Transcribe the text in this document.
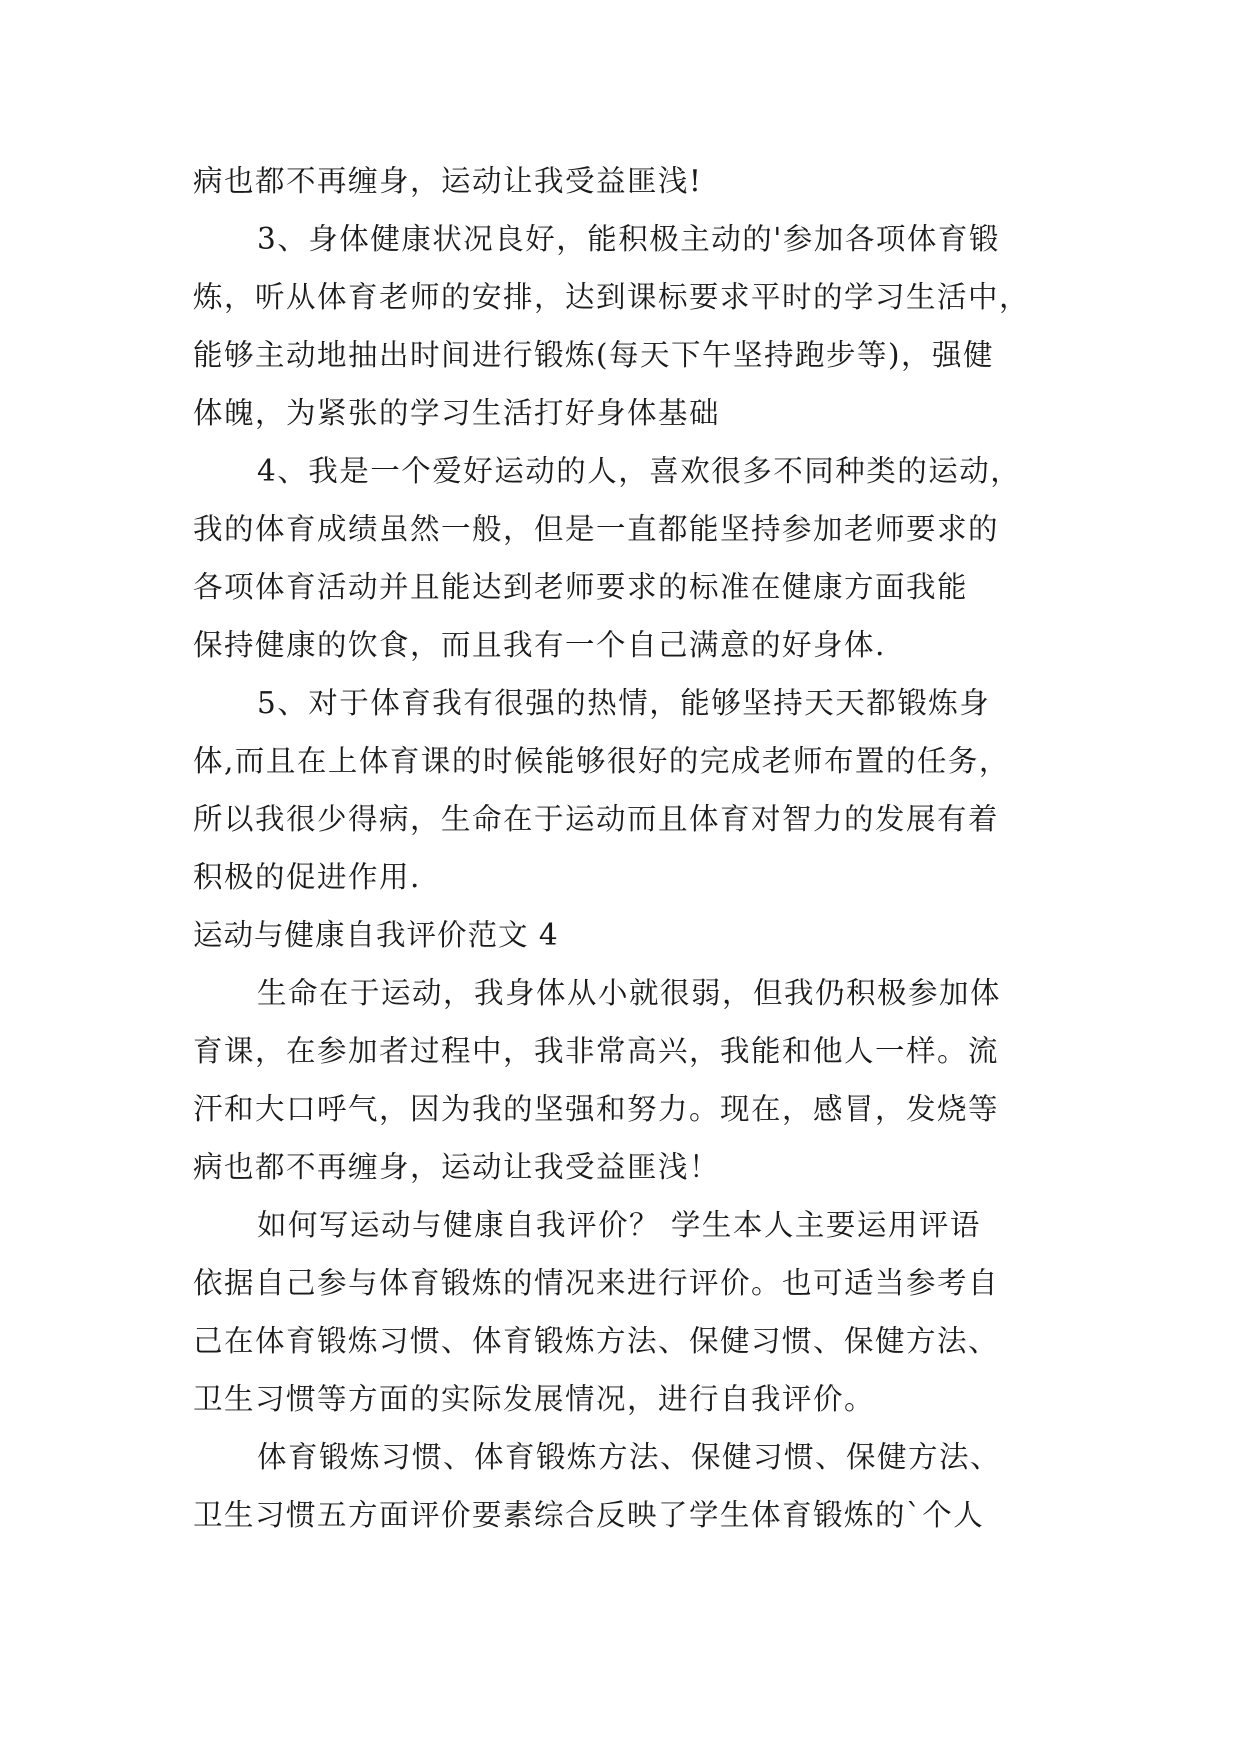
病也都不再缠身，运动让我受益匪浅!
3、身体健康状况良好，能积极主动的'参加各项体育锻
炼，听从体育老师的安排，达到课标要求平时的学习生活中，
能够主动地抽出时间进行锻炼(每天下午坚持跑步等)，强健
体魄，为紧张的学习生活打好身体基础
4、我是一个爱好运动的人，喜欢很多不同种类的运动，
我的体育成绩虽然一般，但是一直都能坚持参加老师要求的
各项体育活动并且能达到老师要求的标准在健康方面我能
保持健康的饮食，而且我有一个自己满意的好身体.
5、对于体育我有很强的热情，能够坚持天天都锻炼身
体,而且在上体育课的时候能够很好的完成老师布置的任务，
所以我很少得病，生命在于运动而且体育对智力的发展有着
积极的促进作用.
运动与健康自我评价范文 4
生命在于运动，我身体从小就很弱，但我仍积极参加体
育课，在参加者过程中，我非常高兴，我能和他人一样。流
汗和大口呼气，因为我的坚强和努力。现在，感冒，发烧等
病也都不再缠身，运动让我受益匪浅！
如何写运动与健康自我评价？ 学生本人主要运用评语
依据自己参与体育锻炼的情况来进行评价。也可适当参考自
己在体育锻炼习惯、体育锻炼方法、保健习惯、保健方法、
卫生习惯等方面的实际发展情况，进行自我评价。
体育锻炼习惯、体育锻炼方法、保健习惯、保健方法、
卫生习惯五方面评价要素综合反映了学生体育锻炼的`个人
